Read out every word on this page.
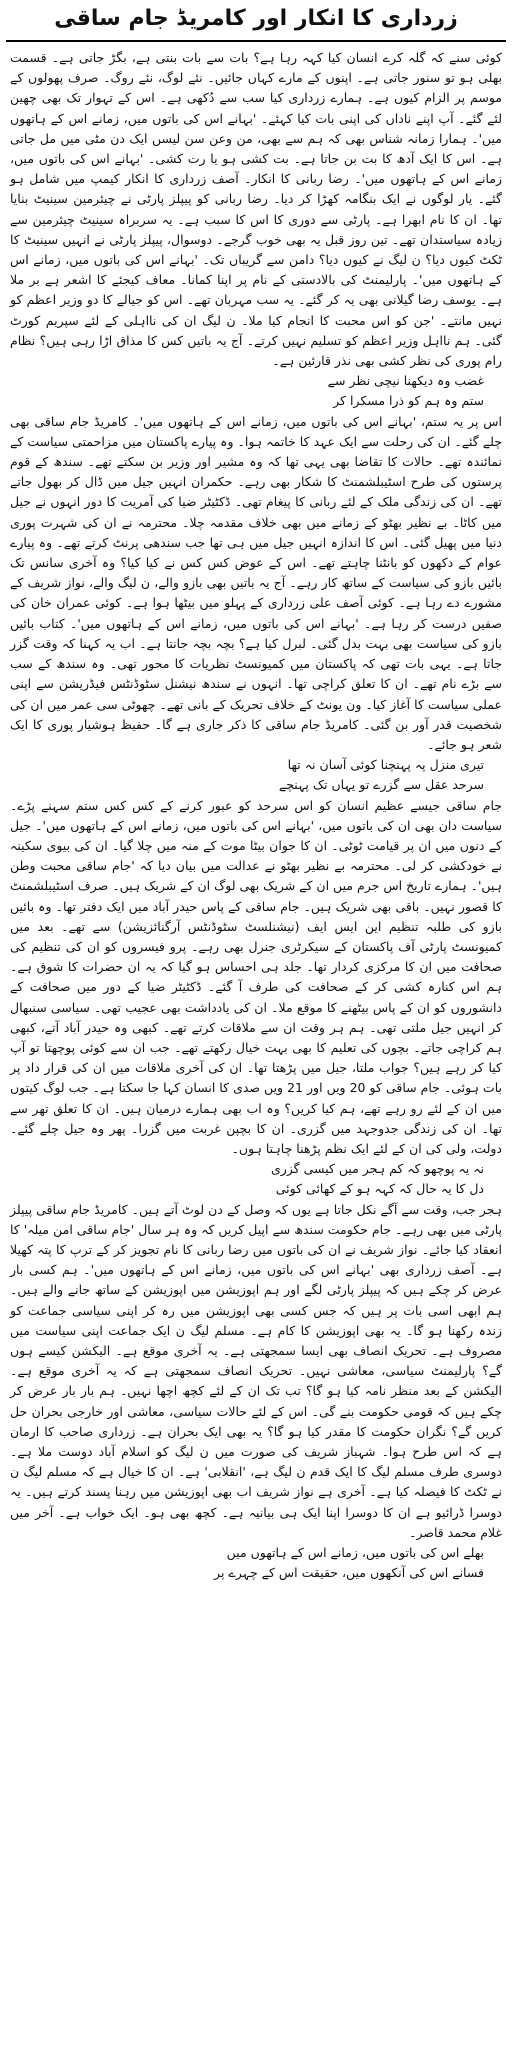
زرداری کا انکار اور کامریڈ جام ساقی

کوئی سنے کہ گلہ کرے انسان کیا کہہ رہا ہے؟ بات سے بات بنتی ہے، بگڑ جاتی ہے۔ قسمت بھلی ہو تو سنور جاتی ہے۔ اپنوں کے مارے کہاں جائیں۔ نئے لوگ، نئے روگ۔ صرف پھولوں کے موسم پر الزام کیوں ہے۔ ہمارے زرداری کیا سب سے دُکھی ہے۔ اس کے تہوار تک بھی چھین لئے گئے۔ آپ اپنے ناداں کی اپنی بات کیا کہئے۔ 'بہانے اس کی باتوں میں، زمانے اس کے ہاتھوں میں'۔ ہمارا زمانہ شناس بھی کہ ہم سے بھی، من وعن سن لیسں ایک دن مٹی میں مل جاتی ہے۔ اس کا ایک آدھ کا بت بن جاتا ہے۔ بت کشی ہو یا رت کشی۔ 'بہانے اس کی باتوں میں، زمانے اس کے ہاتھوں میں'۔ رضا ربانی کا انکار۔ آصف زرداری کا انکار کیمپ میں شامل ہو گئے۔ یار لوگوں نے ایک بنگامہ کھڑا کر دیا۔ رضا ربانی کو پیپلز پارٹی نے چیئرمین سینیٹ بنایا تھا۔ ان کا نام ابھرا ہے۔ پارٹی سے دوری کا اس کا سبب ہے۔ یہ سربراہ سینیٹ چیئرمین سے زیادہ سیاستدان تھے۔ تین روز قبل یہ بھی خوب گرجے۔ دوسوال، پیپلز پارٹی نے انہیں سینیٹ کا ٹکٹ کیوں دیا؟ ن لیگ نے کیوں دیا؟ دامن سے گریباں تک۔ 'بہانے اس کی باتوں میں، زمانے اس کے ہاتھوں میں'۔ پارلیمنٹ کی بالادستی کے نام پر اپنا کمانا۔ معاف کیجئے کا اشعر ہے بر ملا ہے۔ یوسف رضا گیلانی بھی یہ کر گئے۔ یہ سب مہربان تھے۔ اس کو جیالے کا دو وزیر اعظم کو نہیں مانتے۔ 'جن کو اس محبت کا انجام کیا ملا۔ ن لیگ ان کی نااہلی کے لئے سپریم کورٹ گئی۔ ہم نااہل وزیر اعظم کو تسلیم نہیں کرتے۔ آج یہ باتیں کس کا مذاق اڑا رہی ہیں؟ نظام رام پوری کی نظر کشی بھی نذر قارئین ہے۔

غضب وہ دیکھنا نیچی نظر سے
ستم وہ ہم کو ذرا مسکرا کر

اس پر یہ ستم، 'بہانے اس کی باتوں میں، زمانے اس کے ہاتھوں میں'۔ کامریڈ جام ساقی بھی چلے گئے۔ ان کی رحلت سے ایک عہد کا خاتمہ ہوا۔ وہ پیارے پاکستان میں مزاحمتی سیاست کے نمائندہ تھے۔ حالات کا تقاضا بھی یہی تھا کہ وہ مشیر اور وزیر بن سکتے تھے۔ سندھ کے قوم پرستوں کی طرح اسٹیبلشمنٹ کا شکار بھی رہے۔ حکمران انہیں جیل میں ڈال کر بھول جاتے تھے۔ ان کی زندگی ملک کے لئے ربانی کا پیغام تھی۔ ڈکٹیٹر ضیا کی آمریت کا دور انہوں نے جیل میں کاٹا۔ بے نظیر بھٹو کے زمانے میں بھی خلاف مقدمہ چلا۔ محترمہ نے ان کی شہرت پوری دنیا میں پھیل گئی۔ اس کا اندازہ انہیں جیل میں ہی تھا جب سندھی پرنٹ کرتے تھے۔ وہ پیارے عوام کے دکھوں کو بانٹنا چاہتے تھے۔ اس کے عوض کس کس نے کیا کیا؟ وہ آخری سانس تک بائیں بازو کی سیاست کے ساتھ کار رہے۔ آج یہ باتیں بھی بازو والے، ن لیگ والے، نواز شریف کے مشورے دے رہا ہے۔ کوئی آصف علی زرداری کے پہلو میں بیٹھا ہوا ہے۔ کوئی عمران خان کی صفیں درست کر رہا ہے۔ 'بہانے اس کی باتوں میں، زمانے اس کے ہاتھوں میں'۔ کتاب بائیں بازو کی سیاست بھی بہت بدل گئی۔ لبرل کیا ہے؟ بچہ بچہ جانتا ہے۔ اب یہ کہنا کہ وقت گزر جاتا ہے۔ یہی بات تھی کہ پاکستان میں کمیونسٹ نظریات کا محور تھی۔ وہ سندھ کے سب سے بڑے نام تھے۔ ان کا تعلق کراچی تھا۔ انہوں نے سندھ نیشنل سٹوڈنٹس فیڈریشن سے اپنی عملی سیاست کا آغاز کیا۔ ون یونٹ کے خلاف تحریک کے بانی تھے۔ چھوٹی سی عمر میں ان کی شخصیت قدر آور بن گئی۔ کامریڈ جام ساقی کا ذکر جاری ہے گا۔ حفیظ ہوشیار پوری کا ایک شعر ہو جائے۔

تیری منزل پہ پہنچنا کوئی آسان نہ تھا
سرحد عقل سے گزرے تو یہاں تک پہنچے

جام ساقی جیسے عظیم انسان کو اس سرحد کو عبور کرنے کے کس کس ستم سہنے پڑے۔ سیاست دان بھی ان کی باتوں میں، 'بہانے اس کی باتوں میں، زمانے اس کے ہاتھوں میں'۔ جیل کے دنوں میں ان پر قیامت ٹوٹی۔ ان کا جوان بیٹا موت کے منہ میں چلا گیا۔ ان کی بیوی سکینہ نے خودکشی کر لی۔ محترمہ بے نظیر بھٹو نے عدالت میں بیان دیا کہ 'جام ساقی محبت وطن ہیں'۔ ہمارے تاریخ اس جرم میں ان کے شریک بھی لوگ ان کے شریک ہیں۔ صرف اسٹیبلشمنٹ کا قصور نہیں۔ باقی بھی شریک ہیں۔ جام ساقی کے پاس حیدر آباد میں ایک دفتر تھا۔ وہ بائیں بازو کی طلبہ تنظیم این ایس ایف (نیشنلسٹ سٹوڈنٹس آرگنائزیشن) سے تھے۔ بعد میں کمیونسٹ پارٹی آف پاکستان کے سیکرٹری جنرل بھی رہے۔ پرو فیسروں کو ان کی تنظیم کی صحافت میں ان کا مرکزی کردار تھا۔ جلد ہی احساس ہو گیا کہ یہ ان حضرات کا شوق ہے۔ ہم اس کنارہ کشی کر کے صحافت کی طرف آ گئے۔ ڈکٹیٹر ضیا کے دور میں صحافت کے دانشوروں کو ان کے پاس بیٹھنے کا موقع ملا۔ ان کی یادداشت بھی عجیب تھی۔ سیاسی سنبھال کر انہیں جیل ملتی تھی۔ ہم ہر وقت ان سے ملاقات کرتے تھے۔ کبھی وہ حیدر آباد آتے، کبھی ہم کراچی جاتے۔ بچوں کی تعلیم کا بھی بہت خیال رکھتے تھے۔ جب ان سے کوئی پوچھتا تو آپ کیا کر رہے ہیں؟ جواب ملتا، جیل میں پڑھتا تھا۔ ان کی آخری ملاقات میں ان کی قرار داد پر بات ہوئی۔ جام ساقی کو 20 ویں اور 21 ویں صدی کا انسان کہا جا سکتا ہے۔ جب لوگ کیتوں میں ان کے لئے رو رہے تھے، ہم کیا کریں؟ وہ اب بھی ہمارے درمیان ہیں۔ ان کا تعلق تھر سے تھا۔ ان کی زندگی جدوجہد میں گزری۔ ان کا بچپن غربت میں گزرا۔ پھر وہ جیل چلے گئے۔ دولت، ولی کی ان کے لئے ایک نظم پڑھنا چاہتا ہوں۔

نہ یہ پوچھو کہ کم ہجر میں کیسی گزری
دل کا یہ حال کہ کہہ ہو کے کھائی کوئی

ہجر جب، وقت سے آگے نکل جاتا ہے یوں کہ وصل کے دن لوٹ آتے ہیں۔ کامریڈ جام ساقی پیپلز پارٹی میں بھی رہے۔ جام حکومت سندھ سے اپیل کریں کہ وہ ہر سال 'جام ساقی امن میلہ' کا انعقاد کیا جائے۔ نواز شریف نے ان کی باتوں میں رضا ربانی کا نام تجویز کر کے ترپ کا پتہ کھیلا ہے۔ آصف زرداری بھی 'بہانے اس کی باتوں میں، زمانے اس کے ہاتھوں میں'۔ ہم کسی بار عرض کر چکے ہیں کہ پیپلز پارٹی لگے اور ہم اپوزیشن میں اپوزیشن کے ساتھ جانے والے ہیں۔ ہم ابھی اسی بات پر ہیں کہ جس کسی بھی اپوزیشن میں رہ کر اپنی سیاسی جماعت کو زندہ رکھنا ہو گا۔ یہ بھی اپوزیشن کا کام ہے۔ مسلم لیگ ن ایک جماعت اپنی سیاست میں مصروف ہے۔ تحریک انصاف بھی ایسا سمجھتی ہے۔ یہ آخری موقع ہے۔ الیکشن کیسے ہوں گے؟ پارلیمنٹ سیاسی، معاشی نہیں۔ تحریک انصاف سمجھتی ہے کہ یہ آخری موقع ہے۔ الیکشن کے بعد منظر نامہ کیا ہو گا؟ تب تک ان کے لئے کچھ اچھا نہیں۔ ہم بار بار عرض کر چکے ہیں کہ قومی حکومت بنے گی۔ اس کے لئے حالات سیاسی، معاشی اور خارجی بحران حل کریں گے؟ نگران حکومت کا مقدر کیا ہو گا؟ یہ بھی ایک بحران ہے۔ زرداری صاحب کا ارمان ہے کہ اس طرح ہوا۔ شہباز شریف کی صورت میں ن لیگ کو اسلام آباد دوست ملا ہے۔ دوسری طرف مسلم لیگ کا ایک قدم ن لیگ ہے، 'انقلابی' ہے۔ ان کا خیال ہے کہ مسلم لیگ ن نے ٹکٹ کا فیصلہ کیا ہے۔ آخری ہے نواز شریف اب بھی اپوزیشن میں رہنا پسند کرتے ہیں۔ یہ دوسرا ڈرائیو ہے ان کا دوسرا اپنا ایک ہی بیانیہ ہے۔ کچھ بھی ہو۔ ایک خواب ہے۔ آخر میں غلام محمد قاصر۔

بھلے اس کی باتوں میں، زمانے اس کے ہاتھوں میں
فسانے اس کی آنکھوں میں، حقیقت اس کے چہرے پر
